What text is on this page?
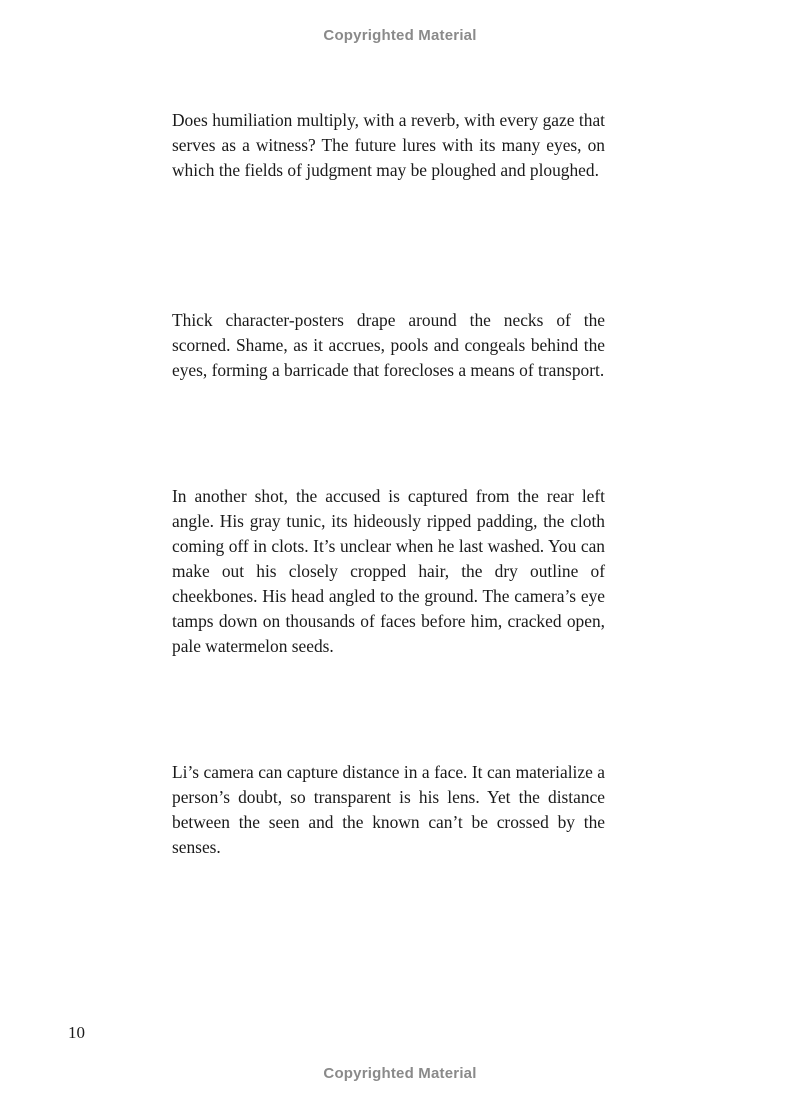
Copyrighted Material

Does humiliation multiply, with a reverb, with every gaze that serves as a witness? The future lures with its many eyes, on which the fields of judgment may be ploughed and ploughed.

Thick character-posters drape around the necks of the scorned. Shame, as it accrues, pools and congeals behind the eyes, forming a barricade that forecloses a means of transport.

In another shot, the accused is captured from the rear left angle. His gray tunic, its hideously ripped padding, the cloth coming off in clots. It’s unclear when he last washed. You can make out his closely cropped hair, the dry outline of cheekbones. His head angled to the ground. The camera’s eye tamps down on thousands of faces before him, cracked open, pale watermelon seeds.

Li’s camera can capture distance in a face. It can materialize a person’s doubt, so transparent is his lens. Yet the distance between the seen and the known can’t be crossed by the senses.

10
Copyrighted Material
